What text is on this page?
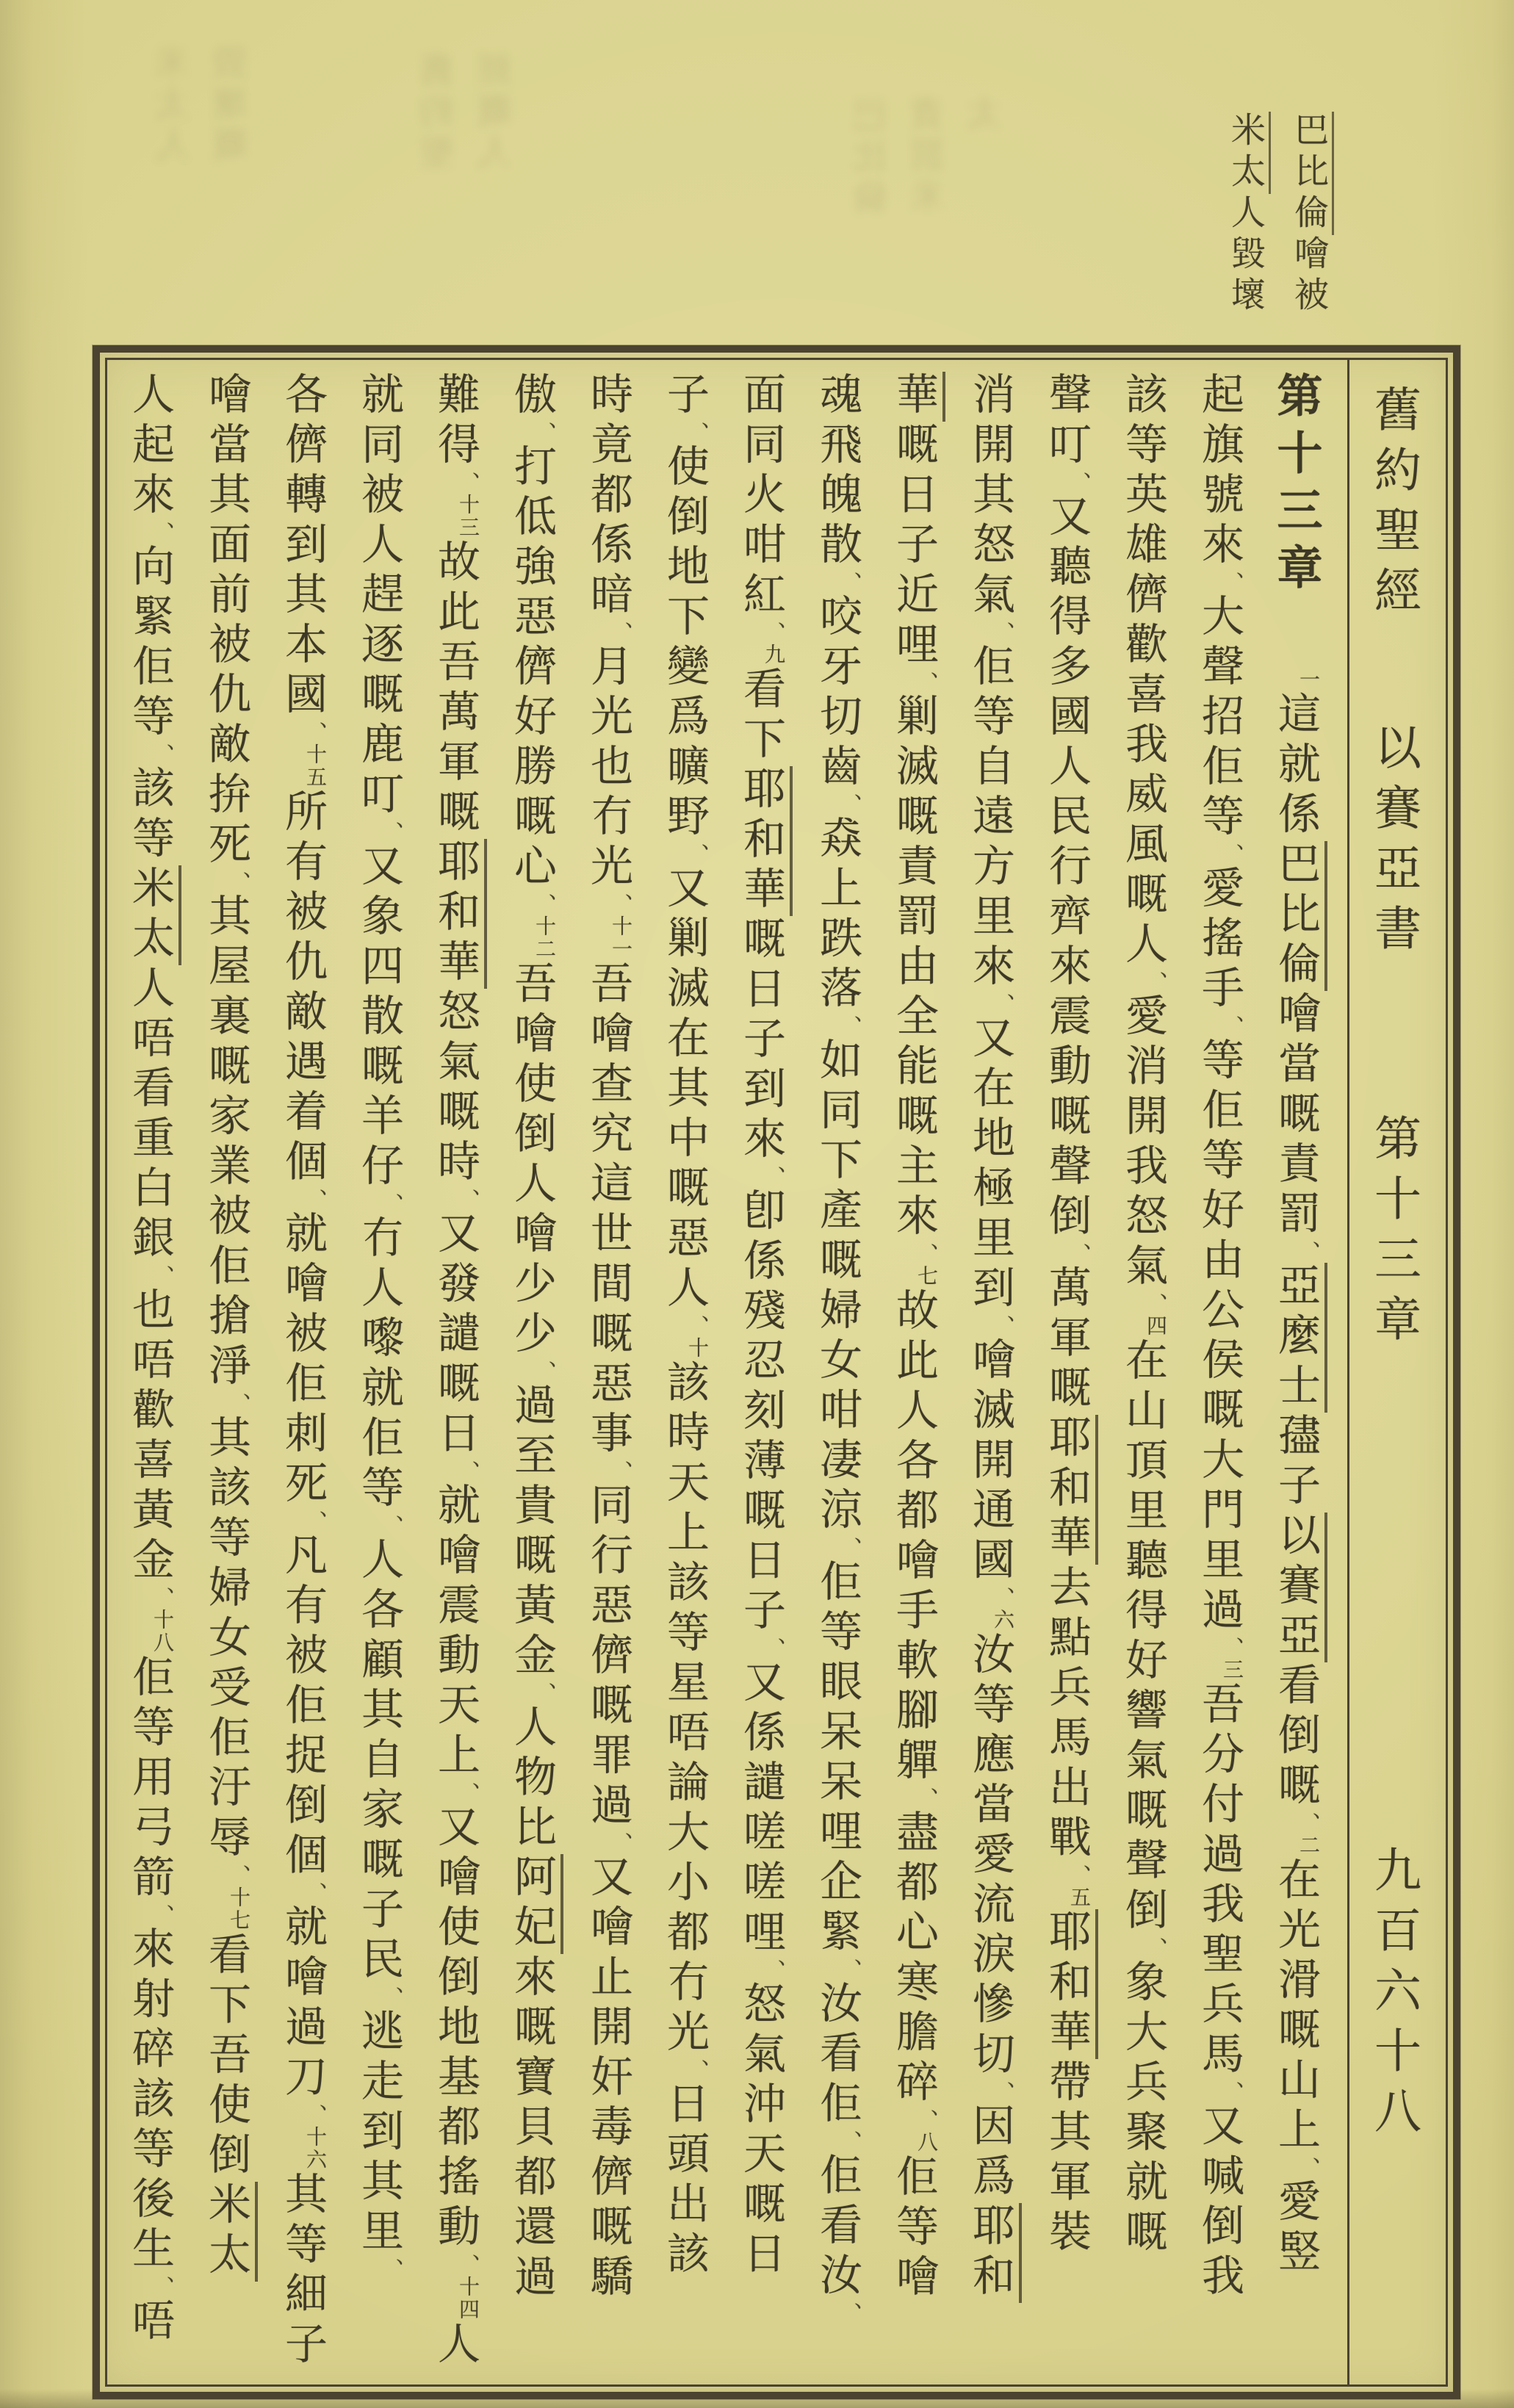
米太人毀壞嘅	舊約聖經嘅人	巴比倫責罰米太	巴比倫噲被
米太人毀壞
第十三章一這就係巴比倫噲當嘅責罰、亞麼士孻子以賽亞看倒嘅、二在光滑嘅山上、愛竪
起旗號來、大聲招佢等、愛搖手、等佢等好由公侯嘅大門里過、三吾分付過我聖兵馬、又喊倒我
該等英雄儕歡喜我威風嘅人、愛消開我怒氣、四在山頂里聽得好響氣嘅聲倒、象大兵聚就嘅
聲叮、又聽得多國人民行齊來震動嘅聲倒、萬軍嘅耶和華去點兵馬出戰、五耶和華帶其軍裝
消開其怒氣、佢等自遠方里來、又在地極里到、噲滅開通國、六汝等應當愛流淚慘切、因爲耶和
華嘅日子近哩、剿滅嘅責罰由全能嘅主來、七故此人各都噲手軟腳軃、盡都心寒膽碎、八佢等噲
魂飛魄散、咬牙切齒、猋上跌落、如同下產嘅婦女咁凄涼、佢等眼呆呆哩企緊、汝看佢、佢看汝、
面同火咁紅、九看下耶和華嘅日子到來、卽係殘忍刻薄嘅日子、又係譴嗟嗟哩、怒氣沖天嘅日
子、使倒地下變爲曠野、又剿滅在其中嘅惡人、十該時天上該等星唔論大小都冇光、日頭出該
時竟都係暗、月光也冇光、十一吾噲查究這世間嘅惡事、同行惡儕嘅罪過、又噲止開奸毒儕嘅驕
傲、打低強惡儕好勝嘅心、十二吾噲使倒人噲少少、過至貴嘅黃金、人物比阿妃來嘅寶貝都還過
難得、十三故此吾萬軍嘅耶和華怒氣嘅時、又發譴嘅日、就噲震動天上、又噲使倒地基都搖動、十四人
就同被人趕逐嘅鹿叮、又象四散嘅羊仔、冇人嚟就佢等、人各顧其自家嘅子民、逃走到其里、
各儕轉到其本國、十五所有被仇敵遇着個、就噲被佢刺死、凡有被佢捉倒個、就噲過刀、十六其等細子
噲當其面前被仇敵拚死、其屋裏嘅家業被佢搶淨、其該等婦女受佢汙辱、十七看下吾使倒米太
人起來、向緊佢等、該等米太人唔看重白銀、也唔歡喜黃金、十八佢等用弓箭、來射碎該等後生、唔
舊約聖經以賽亞書第十三章九百六十八
